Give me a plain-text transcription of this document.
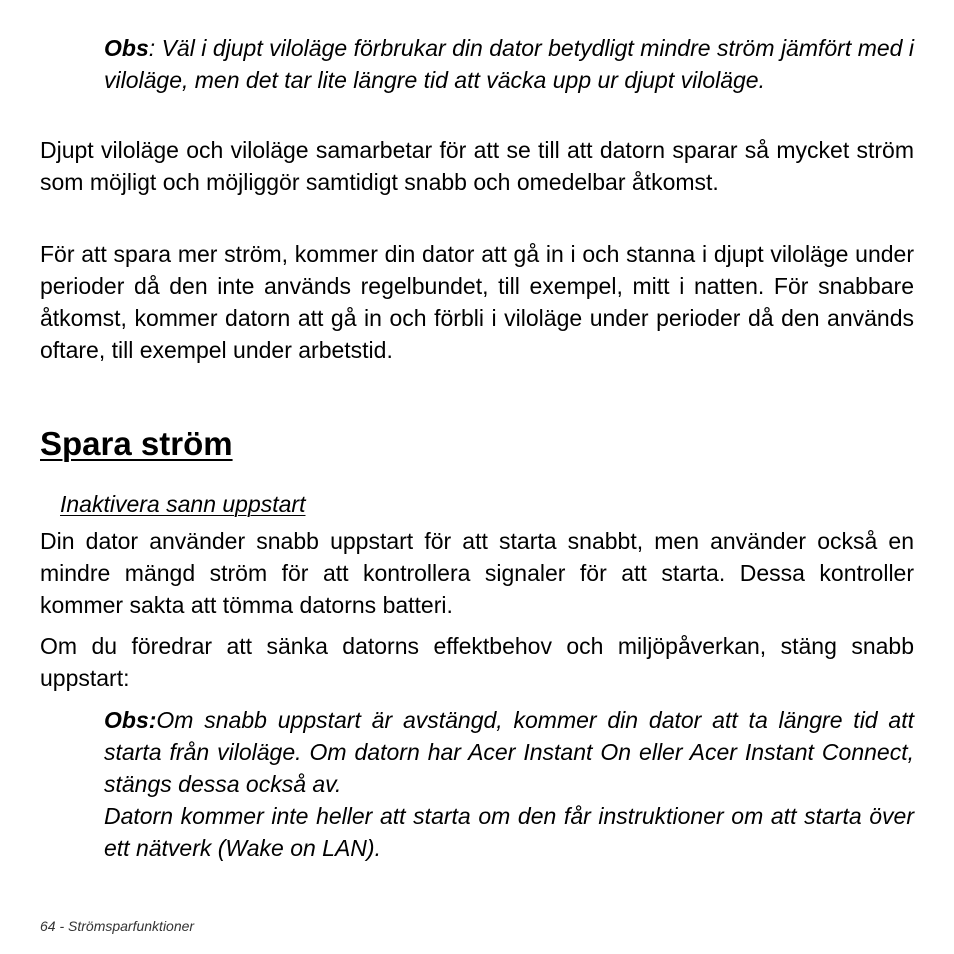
Obs: Väl i djupt viloläge förbrukar din dator betydligt mindre ström jämfört med i viloläge, men det tar lite längre tid att väcka upp ur djupt viloläge.

Djupt viloläge och viloläge samarbetar för att se till att datorn sparar så mycket ström som möjligt och möjliggör samtidigt snabb och omedelbar åtkomst.

För att spara mer ström, kommer din dator att gå in i och stanna i djupt viloläge under perioder då den inte används regelbundet, till exempel, mitt i natten. För snabbare åtkomst, kommer datorn att gå in och förbli i viloläge under perioder då den används oftare, till exempel under arbetstid.

Spara ström
Inaktivera sann uppstart

Din dator använder snabb uppstart för att starta snabbt, men använder också en mindre mängd ström för att kontrollera signaler för att starta. Dessa kontroller kommer sakta att tömma datorns batteri.

Om du föredrar att sänka datorns effektbehov och miljöpåverkan, stäng snabb uppstart:

Obs:Om snabb uppstart är avstängd, kommer din dator att ta längre tid att starta från viloläge. Om datorn har Acer Instant On eller Acer Instant Connect, stängs dessa också av.
Datorn kommer inte heller att starta om den får instruktioner om att starta över ett nätverk (Wake on LAN).

64 - Strömsparfunktioner
